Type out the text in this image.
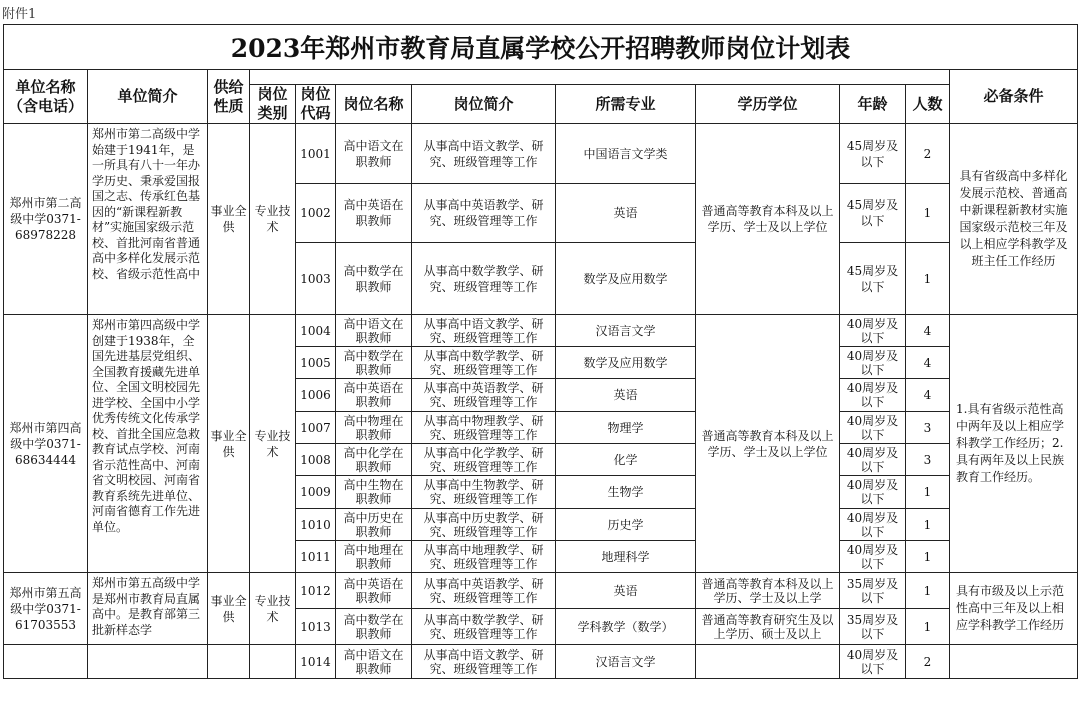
附件1
2023年郑州市教育局直属学校公开招聘教师岗位计划表											
单位名称（含电话）	单位简介	供给性质									必备条件
			岗位类别	岗位代码	岗位名称	岗位简介	所需专业	学历学位	年龄	人数	
郑州市第二高级中学0371-68978228	郑州市第二高级中学始建于1941年，是一所具有八十一年办学历史、秉承爱国报国之志、传承红色基因的“新课程新教材”实施国家级示范校、首批河南省普通高中多样化发展示范校、省级示范性高中	事业全供	专业技术	1001	高中语文在职教师	从事高中语文教学、研究、班级管理等工作	中国语言文学类	普通高等教育本科及以上学历、学士及以上学位	45周岁及以下	2	具有省级高中多样化发展示范校、普通高中新课程新教材实施国家级示范校三年及以上相应学科教学及班主任工作经历
				1002	高中英语在职教师	从事高中英语教学、研究、班级管理等工作	英语		45周岁及以下	1	
				1003	高中数学在职教师	从事高中数学教学、研究、班级管理等工作	数学及应用数学		45周岁及以下	1	
郑州市第四高级中学0371-68634444	郑州市第四高级中学创建于1938年，全国先进基层党组织、全国教育援藏先进单位、全国文明校园先进学校、全国中小学优秀传统文化传承学校、首批全国应急救教育试点学校、河南省示范性高中、河南省文明校园、河南省教育系统先进单位、河南省德育工作先进单位。	事业全供	专业技术	1004	高中语文在职教师	从事高中语文教学、研究、班级管理等工作	汉语言文学	普通高等教育本科及以上学历、学士及以上学位	40周岁及以下	4	1.具有省级示范性高中两年及以上相应学科教学工作经历；2.具有两年及以上民族教育工作经历。
				1005	高中数学在职教师	从事高中数学教学、研究、班级管理等工作	数学及应用数学		40周岁及以下	4	
				1006	高中英语在职教师	从事高中英语教学、研究、班级管理等工作	英语		40周岁及以下	4	
				1007	高中物理在职教师	从事高中物理教学、研究、班级管理等工作	物理学		40周岁及以下	3	
				1008	高中化学在职教师	从事高中化学教学、研究、班级管理等工作	化学		40周岁及以下	3	
				1009	高中生物在职教师	从事高中生物教学、研究、班级管理等工作	生物学		40周岁及以下	1	
				1010	高中历史在职教师	从事高中历史教学、研究、班级管理等工作	历史学		40周岁及以下	1	
				1011	高中地理在职教师	从事高中地理教学、研究、班级管理等工作	地理科学		40周岁及以下	1	
郑州市第五高级中学0371-61703553	郑州市第五高级中学是郑州市教育局直属高中。是教育部第三批新样态学	事业全供	专业技术	1012	高中英语在职教师	从事高中英语教学、研究、班级管理等工作	英语	普通高等教育本科及以上学历、学士及以上学	35周岁及以下	1	具有市级及以上示范性高中三年及以上相应学科教学工作经历
				1013	高中数学在职教师	从事高中数学教学、研究、班级管理等工作	学科教学（数学）	普通高等教育研究生及以上学历、硕士及以上	35周岁及以下	1	
				1014	高中语文在职教师	从事高中语文教学、研究、班级管理等工作	汉语言文学		40周岁及以下	2	
